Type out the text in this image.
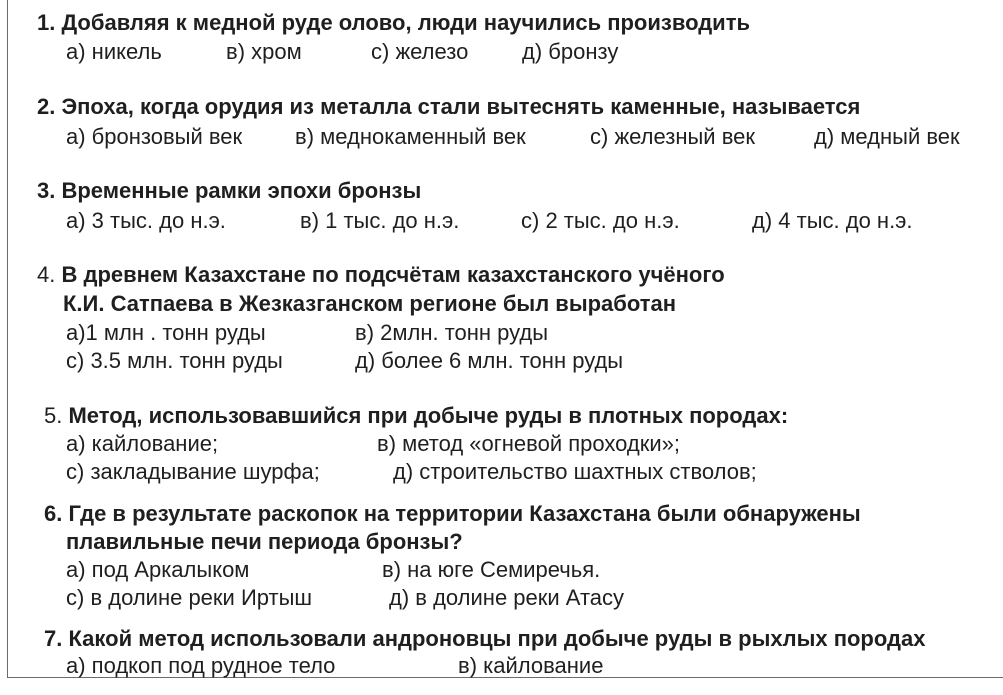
1. Добавляя к медной руде олово, люди научились производить
а) никель	в) хром	с) железо д) бронзу
2. Эпоха, когда орудия из металла стали вытеснять каменные, называется
а) бронзовый век в) меднокаменный век	с) железный век	д) медный век
3. Временные рамки эпохи бронзы
а) 3 тыс. до н.э.	в) 1 тыс. до н.э.	с) 2 тыс. до н.э.	д) 4 тыс. до н.э.
4. В древнем Казахстане по подсчётам казахстанского учёного
К.И. Сатпаева в Жезказганском регионе был выработан
а)1 млн . тонн руды	в) 2млн. тонн руды
с) 3.5 млн. тонн руды	д) более 6 млн. тонн руды
5. Метод, использовавшийся при добыче руды в плотных породах:
а) кайлование;	в) метод «огневой проходки»;
с) закладывание шурфа;	д) строительство шахтных стволов;
6. Где в результате раскопок на территории Казахстана были обнаружены
плавильные печи периода бронзы?
а) под Аркалыком	в) на юге Семиречья.
с) в долине реки Иртыш	д) в долине реки Атасу
7. Какой метод использовали андроновцы при добыче руды в рыхлых породах
а) подкоп под рудное тело	в) кайлование
